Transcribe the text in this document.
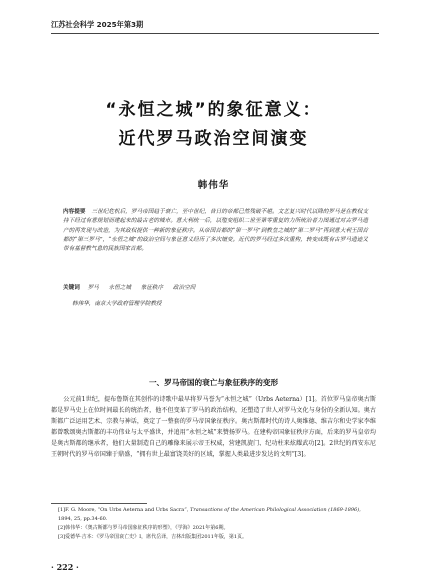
江苏社会科学 2025年第3期
“永恒之城”的象征意义：
近代罗马政治空间演变
韩伟华
内容提要 三世纪危机后，罗马帝国趋于衰亡，至中世纪，昔日的帝都已然残破不堪。文艺复兴时代以降的罗马是在教权支持下经过有意规划而建起来的最古老的城市。意大利统一后，以殖变组织二世至第零重复的力所统治者力图通过对古罗马遗产的再发现与改造，为其政权提供一种新的象征秩序。从帝国首都的“第一罗马”到教皇之城的“第二罗马”再到意大利王国首都的“第三罗马”，“永恒之城”的政治空间与象征意义经历了多次嬗变。近代的罗马经过多次重构，转变成既有古罗马遗迹又带有基督教气息的民族国家首都。
关键词 罗马 永恒之城 象征秩序 政治空间
韩伟华，南京大学政府管理学院教授
一、罗马帝国的衰亡与象征秩序的变形

公元前1世纪，提布鲁斯在其创作的诗歌中最早将罗马誉为“永恒之城”（Urbs Aeterna）[1]。首位罗马皇帝奥古斯都是罗马史上在位时间最长的统治者，他不但变革了罗马的政治结构，还塑造了世人对罗马文化与身份的全新认知。奥古斯都广泛运用艺术、宗教与神话，奠定了一整套的罗马帝国象征秩序。奥古斯都时代的诗人奥维德、维吉尔和史学家李维都曾歌颂奥古斯都的丰功伟业与太平盛世，并追用“永恒之城”来赞扬罗马。在建构帝国象征秩序方面，后来的罗马皇帝均是奥古斯都的继承者，他们大量制造自己的雕像来展示帝王权威，营建凯旋门、纪功柱来炫耀武功[2]。2世纪的西安东尼王朝时代的罗马帝国臻于鼎盛，“拥有世上最富饶美好的区域，掌握人类最进步发达的文明”[3]。

[1]F. G. Moore, “On Urbs Aeterna and Urbs Sacra”, Transactions of the American Philological Association (1869-1896), 1894, 25, pp.34-60.
[2]韩伟华：《奥古斯都与罗马帝国象征秩序的形塑》，《学海》2021年第6期。
[3]爱德华·吉本：《罗马帝国衰亡史》I，席代岳译，吉林出版集团2011年版，第1页。
· 222 ·
